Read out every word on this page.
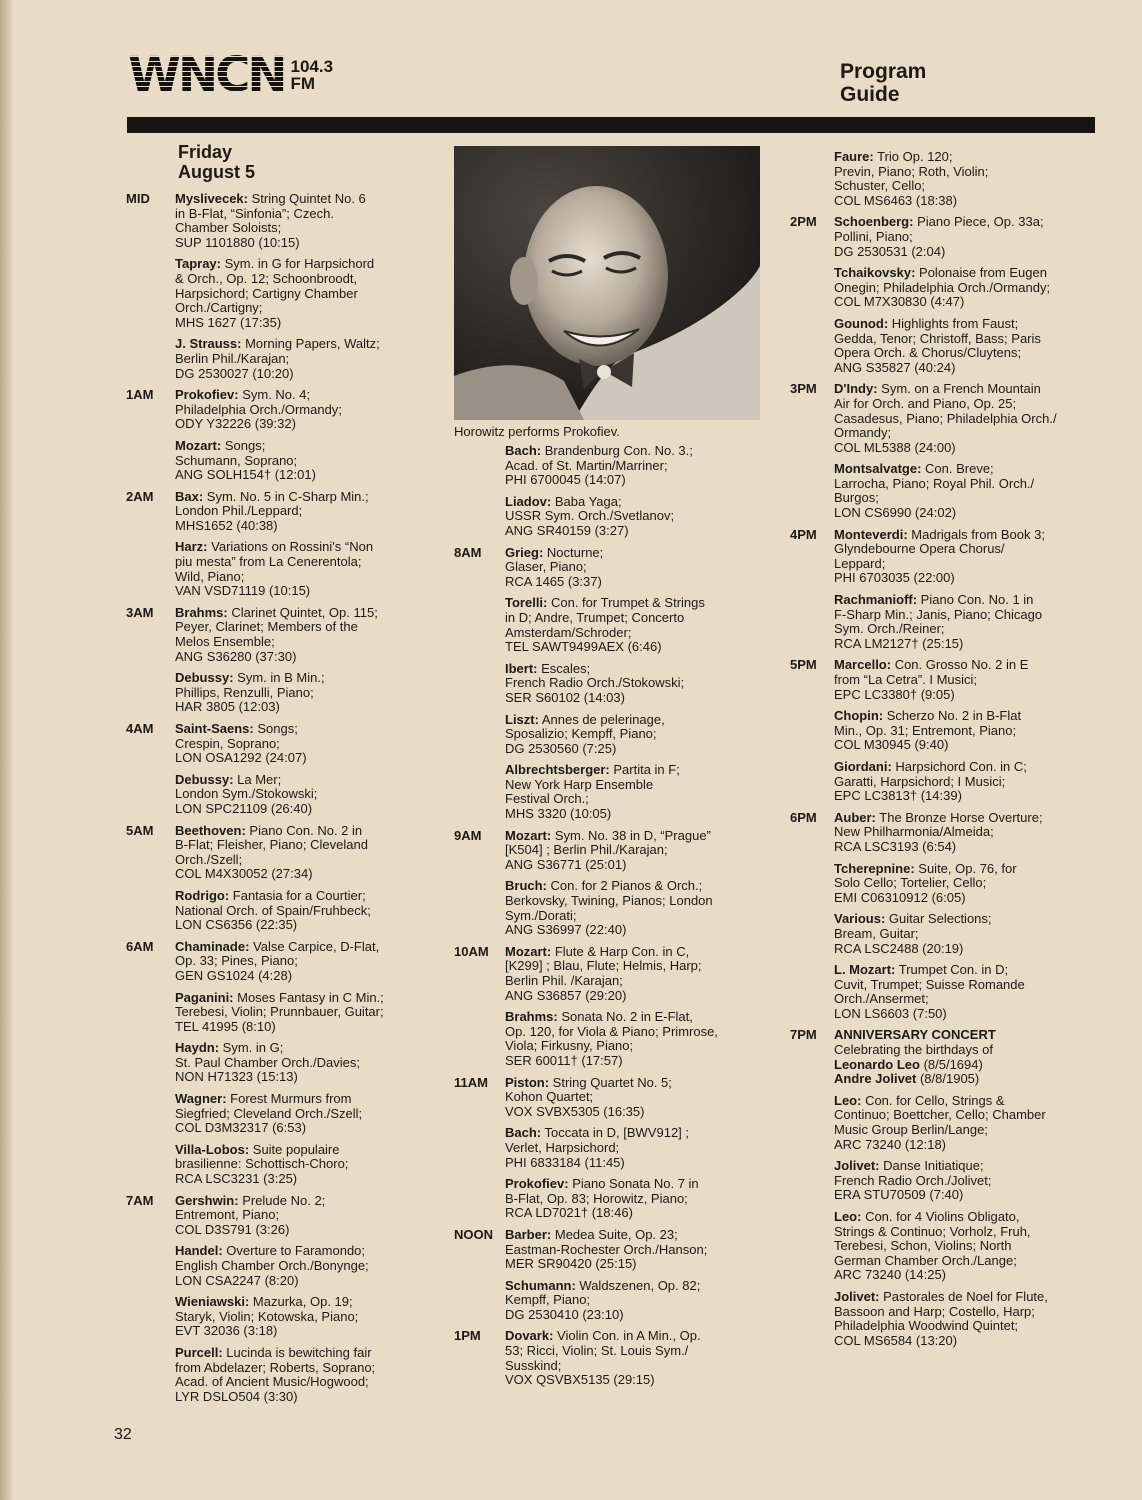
WNCN 104.3
FM
Program
Guide
Friday
August 5
MID	Myslivecek: String Quintet No. 6
in B-Flat, “Sinfonia”; Czech.
Chamber Soloists;
SUP 1101880 (10:15)
Tapray: Sym. in G for Harpsichord
& Orch., Op. 12; Schoonbroodt,
Harpsichord; Cartigny Chamber
Orch./Cartigny;
MHS 1627 (17:35)
J. Strauss: Morning Papers, Waltz;
Berlin Phil./Karajan;
DG 2530027 (10:20)
1AM	Prokofiev: Sym. No. 4;
Philadelphia Orch./Ormandy;
ODY Y32226 (39:32)
Mozart: Songs;
Schumann, Soprano;
ANG SOLH154† (12:01)
2AM	Bax: Sym. No. 5 in C-Sharp Min.;
London Phil./Leppard;
MHS1652 (40:38)
Harz: Variations on Rossini's “Non
piu mesta” from La Cenerentola;
Wild, Piano;
VAN VSD71119 (10:15)
3AM	Brahms: Clarinet Quintet, Op. 115;
Peyer, Clarinet; Members of the
Melos Ensemble;
ANG S36280 (37:30)
Debussy: Sym. in B Min.;
Phillips, Renzulli, Piano;
HAR 3805 (12:03)
4AM	Saint-Saens: Songs;
Crespin, Soprano;
LON OSA1292 (24:07)
Debussy: La Mer;
London Sym./Stokowski;
LON SPC21109 (26:40)
5AM	Beethoven: Piano Con. No. 2 in
B-Flat; Fleisher, Piano; Cleveland
Orch./Szell;
COL M4X30052 (27:34)
Rodrigo: Fantasia for a Courtier;
National Orch. of Spain/Fruhbeck;
LON CS6356 (22:35)
6AM	Chaminade: Valse Carpice, D-Flat,
Op. 33; Pines, Piano;
GEN GS1024 (4:28)
Paganini: Moses Fantasy in C Min.;
Terebesi, Violin; Prunnbauer, Guitar;
TEL 41995 (8:10)
Haydn: Sym. in G;
St. Paul Chamber Orch./Davies;
NON H71323 (15:13)
Wagner: Forest Murmurs from
Siegfried; Cleveland Orch./Szell;
COL D3M32317 (6:53)
Villa-Lobos: Suite populaire
brasilienne: Schottisch-Choro;
RCA LSC3231 (3:25)
7AM	Gershwin: Prelude No. 2;
Entremont, Piano;
COL D3S791 (3:26)
Handel: Overture to Faramondo;
English Chamber Orch./Bonynge;
LON CSA2247 (8:20)
Wieniawski: Mazurka, Op. 19;
Staryk, Violin; Kotowska, Piano;
EVT 32036 (3:18)
Purcell: Lucinda is bewitching fair
from Abdelazer; Roberts, Soprano;
Acad. of Ancient Music/Hogwood;
LYR DSLO504 (3:30)
Horowitz performs Prokofiev.
Bach: Brandenburg Con. No. 3.;
Acad. of St. Martin/Marriner;
PHI 6700045 (14:07)
Liadov: Baba Yaga;
USSR Sym. Orch./Svetlanov;
ANG SR40159 (3:27)
8AM	Grieg: Nocturne;
Glaser, Piano;
RCA 1465 (3:37)
Torelli: Con. for Trumpet & Strings
in D; Andre, Trumpet; Concerto
Amsterdam/Schroder;
TEL SAWT9499AEX (6:46)
Ibert: Escales;
French Radio Orch./Stokowski;
SER S60102 (14:03)
Liszt: Annes de pelerinage,
Sposalizio; Kempff, Piano;
DG 2530560 (7:25)
Albrechtsberger: Partita in F;
New York Harp Ensemble
Festival Orch.;
MHS 3320 (10:05)
9AM	Mozart: Sym. No. 38 in D, “Prague”
[K504] ; Berlin Phil./Karajan;
ANG S36771 (25:01)
Bruch: Con. for 2 Pianos & Orch.;
Berkovsky, Twining, Pianos; London
Sym./Dorati;
ANG S36997 (22:40)
10AM	Mozart: Flute & Harp Con. in C,
[K299] ; Blau, Flute; Helmis, Harp;
Berlin Phil. /Karajan;
ANG S36857 (29:20)
Brahms: Sonata No. 2 in E-Flat,
Op. 120, for Viola & Piano; Primrose,
Viola; Firkusny, Piano;
SER 60011† (17:57)
11AM	Piston: String Quartet No. 5;
Kohon Quartet;
VOX SVBX5305 (16:35)
Bach: Toccata in D, [BWV912] ;
Verlet, Harpsichord;
PHI 6833184 (11:45)
Prokofiev: Piano Sonata No. 7 in
B-Flat, Op. 83; Horowitz, Piano;
RCA LD7021† (18:46)
NOON Barber: Medea Suite, Op. 23;
Eastman-Rochester Orch./Hanson;
MER SR90420 (25:15)
Schumann: Waldszenen, Op. 82;
Kempff, Piano;
DG 2530410 (23:10)
1PM	Dovark: Violin Con. in A Min., Op.
53; Ricci, Violin; St. Louis Sym./
Susskind;
VOX QSVBX5135 (29:15)
Faure: Trio Op. 120;
Previn, Piano; Roth, Violin;
Schuster, Cello;
COL MS6463 (18:38)
2PM	Schoenberg: Piano Piece, Op. 33a;
Pollini, Piano;
DG 2530531 (2:04)
Tchaikovsky: Polonaise from Eugen
Onegin; Philadelphia Orch./Ormandy;
COL M7X30830 (4:47)
Gounod: Highlights from Faust;
Gedda, Tenor; Christoff, Bass; Paris
Opera Orch. & Chorus/Cluytens;
ANG S35827 (40:24)
3PM	D'Indy: Sym. on a French Mountain
Air for Orch. and Piano, Op. 25;
Casadesus, Piano; Philadelphia Orch./
Ormandy;
COL ML5388 (24:00)
Montsalvatge: Con. Breve;
Larrocha, Piano; Royal Phil. Orch./
Burgos;
LON CS6990 (24:02)
4PM	Monteverdi: Madrigals from Book 3;
Glyndebourne Opera Chorus/
Leppard;
PHI 6703035 (22:00)
Rachmanioff: Piano Con. No. 1 in
F-Sharp Min.; Janis, Piano; Chicago
Sym. Orch./Reiner;
RCA LM2127† (25:15)
5PM	Marcello: Con. Grosso No. 2 in E
from “La Cetra”. I Musici;
EPC LC3380† (9:05)
Chopin: Scherzo No. 2 in B-Flat
Min., Op. 31; Entremont, Piano;
COL M30945 (9:40)
Giordani: Harpsichord Con. in C;
Garatti, Harpsichord; I Musici;
EPC LC3813† (14:39)
6PM	Auber: The Bronze Horse Overture;
New Philharmonia/Almeida;
RCA LSC3193 (6:54)
Tcherepnine: Suite, Op. 76, for
Solo Cello; Tortelier, Cello;
EMI C06310912 (6:05)
Various: Guitar Selections;
Bream, Guitar;
RCA LSC2488 (20:19)
L. Mozart: Trumpet Con. in D;
Cuvit, Trumpet; Suisse Romande
Orch./Ansermet;
LON LS6603 (7:50)
7PM	ANNIVERSARY CONCERT
Celebrating the birthdays of
Leonardo Leo (8/5/1694)
Andre Jolivet (8/8/1905)
Leo: Con. for Cello, Strings &
Continuo; Boettcher, Cello; Chamber
Music Group Berlin/Lange;
ARC 73240 (12:18)
Jolivet: Danse Initiatique;
French Radio Orch./Jolivet;
ERA STU70509 (7:40)
Leo: Con. for 4 Violins Obligato,
Strings & Continuo; Vorholz, Fruh,
Terebesi, Schon, Violins; North
German Chamber Orch./Lange;
ARC 73240 (14:25)
Jolivet: Pastorales de Noel for Flute,
Bassoon and Harp; Costello, Harp;
Philadelphia Woodwind Quintet;
COL MS6584 (13:20)
32
